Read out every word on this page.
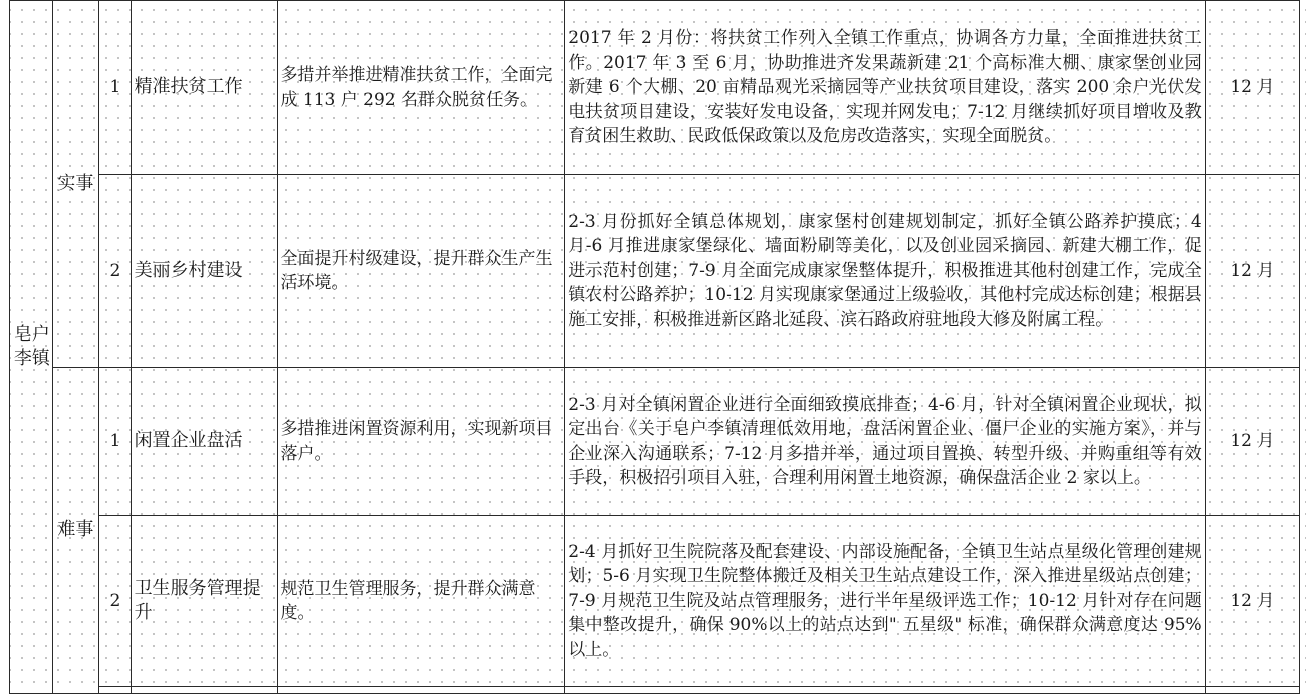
皂户李镇	实事	1	精准扶贫工作	多措并举推进精准扶贫工作，全面完成 113 户 292 名群众脱贫任务。	2017 年 2 月份：将扶贫工作列入全镇工作重点，协调各方力量，全面推进扶贫工作。2017 年 3 至 6 月，协助推进齐发果蔬新建 21 个高标准大棚、康家堡创业园新建 6 个大棚、20 亩精品观光采摘园等产业扶贫项目建设，落实 200 余户光伏发电扶贫项目建设，安装好发电设备，实现并网发电；7-12 月继续抓好项目增收及教育贫困生救助、民政低保政策以及危房改造落实，实现全面脱贫。	12 月
		2	美丽乡村建设	全面提升村级建设，提升群众生产生活环境。	2-3 月份抓好全镇总体规划，康家堡村创建规划制定，抓好全镇公路养护摸底；4 月-6 月推进康家堡绿化、墙面粉刷等美化，以及创业园采摘园、新建大棚工作，促进示范村创建；7-9 月全面完成康家堡整体提升，积极推进其他村创建工作，完成全镇农村公路养护；10-12 月实现康家堡通过上级验收，其他村完成达标创建；根据县施工安排，积极推进新区路北延段、滨石路政府驻地段大修及附属工程。	12 月
	难事	1	闲置企业盘活	多措推进闲置资源利用，实现新项目落户。	2-3 月对全镇闲置企业进行全面细致摸底排查；4-6 月，针对全镇闲置企业现状，拟定出台《关于皂户李镇清理低效用地，盘活闲置企业、僵尸企业的实施方案》，并与企业深入沟通联系；7-12 月多措并举，通过项目置换、转型升级、并购重组等有效手段，积极招引项目入驻，合理利用闲置土地资源，确保盘活企业 2 家以上。	12 月
		2	卫生服务管理提升	规范卫生管理服务，提升群众满意度。	2-4 月抓好卫生院院落及配套建设、内部设施配备，全镇卫生站点星级化管理创建规划；5-6 月实现卫生院整体搬迁及相关卫生站点建设工作，深入推进星级站点创建；7-9 月规范卫生院及站点管理服务，进行半年星级评选工作；10-12 月针对存在问题集中整改提升，确保 90%以上的站点达到" 五星级" 标准，确保群众满意度达 95%以上。	12 月
